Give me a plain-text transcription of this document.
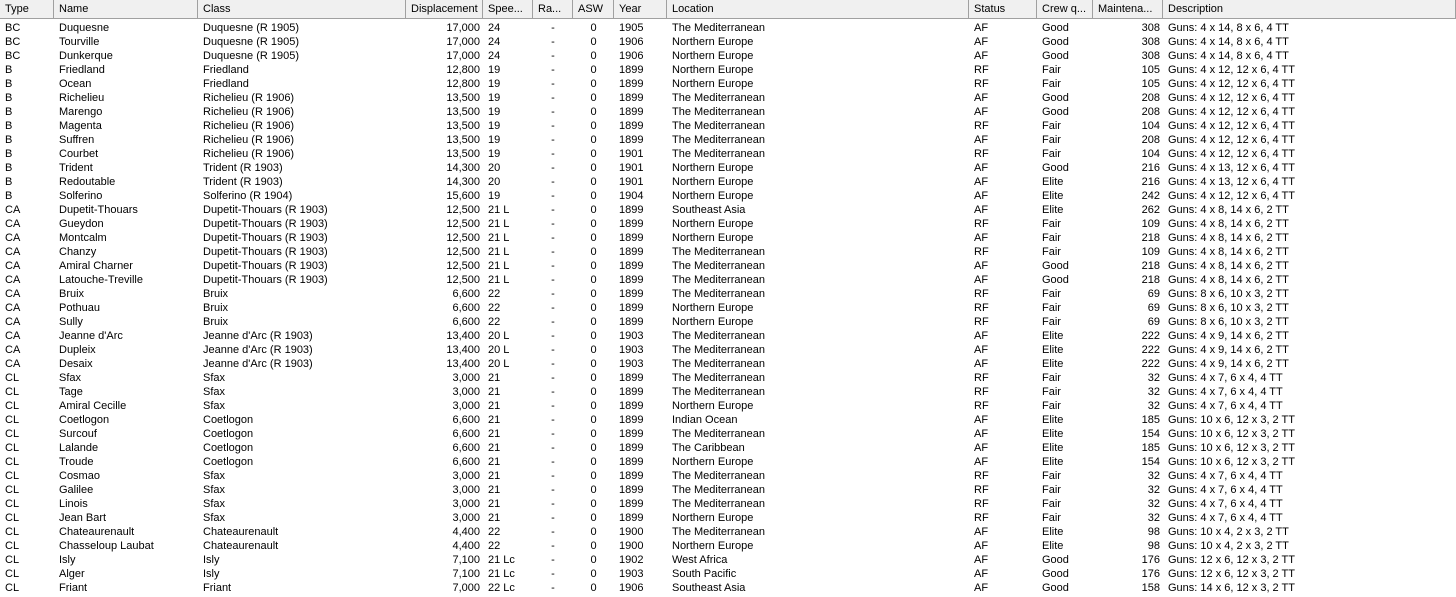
Type	Name	Class	Displacement Spee...	Ra...	ASW	Year	Location	Status	Crew q...	Maintena...	Description
BC	Duquesne	Duquesne (R 1905)	17,000 24	-	0	1905	The Mediterranean	AF	Good	308 Guns: 4 x 14, 8 x 6, 4 TT
BC	Tourville	Duquesne (R 1905)	17,000 24	-	0	1906	Northern Europe	AF	Good	308 Guns: 4 x 14, 8 x 6, 4 TT
BC	Dunkerque	Duquesne (R 1905)	17,000 24	-	0	1906	Northern Europe	AF	Good	308 Guns: 4 x 14, 8 x 6, 4 TT
B	Friedland	Friedland	12,800 19	-	0	1899	Northern Europe	RF	Fair	105 Guns: 4 x 12, 12 x 6, 4 TT
B	Ocean	Friedland	12,800 19	-	0	1899	Northern Europe	RF	Fair	105 Guns: 4 x 12, 12 x 6, 4 TT
B	Richelieu	Richelieu (R 1906)	13,500 19	-	0	1899	The Mediterranean	AF	Good	208 Guns: 4 x 12, 12 x 6, 4 TT
B	Marengo	Richelieu (R 1906)	13,500 19	-	0	1899	The Mediterranean	AF	Good	208 Guns: 4 x 12, 12 x 6, 4 TT
B	Magenta	Richelieu (R 1906)	13,500 19	-	0	1899	The Mediterranean	RF	Fair	104 Guns: 4 x 12, 12 x 6, 4 TT
B	Suffren	Richelieu (R 1906)	13,500 19	-	0	1899	The Mediterranean	AF	Fair	208 Guns: 4 x 12, 12 x 6, 4 TT
B	Courbet	Richelieu (R 1906)	13,500 19	-	0	1901	The Mediterranean	RF	Fair	104 Guns: 4 x 12, 12 x 6, 4 TT
B	Trident	Trident (R 1903)	14,300 20	-	0	1901	Northern Europe	AF	Good	216 Guns: 4 x 13, 12 x 6, 4 TT
B	Redoutable	Trident (R 1903)	14,300 20	-	0	1901	Northern Europe	AF	Elite	216 Guns: 4 x 13, 12 x 6, 4 TT
B	Solferino	Solferino (R 1904)	15,600 19	-	0	1904	Northern Europe	AF	Elite	242 Guns: 4 x 12, 12 x 6, 4 TT
CA	Dupetit-Thouars	Dupetit-Thouars (R 1903)	12,500 21 L	-	0	1899	Southeast Asia	AF	Elite	262 Guns: 4 x 8, 14 x 6, 2 TT
CA	Gueydon	Dupetit-Thouars (R 1903)	12,500 21 L	-	0	1899	Northern Europe	RF	Fair	109 Guns: 4 x 8, 14 x 6, 2 TT
CA	Montcalm	Dupetit-Thouars (R 1903)	12,500 21 L	-	0	1899	Northern Europe	AF	Fair	218 Guns: 4 x 8, 14 x 6, 2 TT
CA	Chanzy	Dupetit-Thouars (R 1903)	12,500 21 L	-	0	1899	The Mediterranean	RF	Fair	109 Guns: 4 x 8, 14 x 6, 2 TT
CA	Amiral Charner	Dupetit-Thouars (R 1903)	12,500 21 L	-	0	1899	The Mediterranean	AF	Good	218 Guns: 4 x 8, 14 x 6, 2 TT
CA	Latouche-Treville	Dupetit-Thouars (R 1903)	12,500 21 L	-	0	1899	The Mediterranean	AF	Good	218 Guns: 4 x 8, 14 x 6, 2 TT
CA	Bruix	Bruix	6,600 22	-	0	1899	The Mediterranean	RF	Fair	69 Guns: 8 x 6, 10 x 3, 2 TT
CA	Pothuau	Bruix	6,600 22	-	0	1899	Northern Europe	RF	Fair	69 Guns: 8 x 6, 10 x 3, 2 TT
CA	Sully	Bruix	6,600 22	-	0	1899	Northern Europe	RF	Fair	69 Guns: 8 x 6, 10 x 3, 2 TT
CA	Jeanne d'Arc	Jeanne d'Arc (R 1903)	13,400 20 L	-	0	1903	The Mediterranean	AF	Elite	222 Guns: 4 x 9, 14 x 6, 2 TT
CA	Dupleix	Jeanne d'Arc (R 1903)	13,400 20 L	-	0	1903	The Mediterranean	AF	Elite	222 Guns: 4 x 9, 14 x 6, 2 TT
CA	Desaix	Jeanne d'Arc (R 1903)	13,400 20 L	-	0	1903	The Mediterranean	AF	Elite	222 Guns: 4 x 9, 14 x 6, 2 TT
CL	Sfax	Sfax	3,000 21	-	0	1899	The Mediterranean	RF	Fair	32 Guns: 4 x 7, 6 x 4, 4 TT
CL	Tage	Sfax	3,000 21	-	0	1899	The Mediterranean	RF	Fair	32 Guns: 4 x 7, 6 x 4, 4 TT
CL	Amiral Cecille	Sfax	3,000 21	-	0	1899	Northern Europe	RF	Fair	32 Guns: 4 x 7, 6 x 4, 4 TT
CL	Coetlogon	Coetlogon	6,600 21	-	0	1899	Indian Ocean	AF	Elite	185 Guns: 10 x 6, 12 x 3, 2 TT
CL	Surcouf	Coetlogon	6,600 21	-	0	1899	The Mediterranean	AF	Elite	154 Guns: 10 x 6, 12 x 3, 2 TT
CL	Lalande	Coetlogon	6,600 21	-	0	1899	The Caribbean	AF	Elite	185 Guns: 10 x 6, 12 x 3, 2 TT
CL	Troude	Coetlogon	6,600 21	-	0	1899	Northern Europe	AF	Elite	154 Guns: 10 x 6, 12 x 3, 2 TT
CL	Cosmao	Sfax	3,000 21	-	0	1899	The Mediterranean	RF	Fair	32 Guns: 4 x 7, 6 x 4, 4 TT
CL	Galilee	Sfax	3,000 21	-	0	1899	The Mediterranean	RF	Fair	32 Guns: 4 x 7, 6 x 4, 4 TT
CL	Linois	Sfax	3,000 21	-	0	1899	The Mediterranean	RF	Fair	32 Guns: 4 x 7, 6 x 4, 4 TT
CL	Jean Bart	Sfax	3,000 21	-	0	1899	Northern Europe	RF	Fair	32 Guns: 4 x 7, 6 x 4, 4 TT
CL	Chateaurenault	Chateaurenault	4,400 22	-	0	1900	The Mediterranean	AF	Elite	98 Guns: 10 x 4, 2 x 3, 2 TT
CL	Chasseloup Laubat	Chateaurenault	4,400 22	-	0	1900	Northern Europe	AF	Elite	98 Guns: 10 x 4, 2 x 3, 2 TT
CL	Isly	Isly	7,100 21 Lc	-	0	1902	West Africa	AF	Good	176 Guns: 12 x 6, 12 x 3, 2 TT
CL	Alger	Isly	7,100 21 Lc	-	0	1903	South Pacific	AF	Good	176 Guns: 12 x 6, 12 x 3, 2 TT
CL	Friant	Friant	7,000 22 Lc	-	0	1906	Southeast Asia	AF	Good	158 Guns: 14 x 6, 12 x 3, 2 TT
